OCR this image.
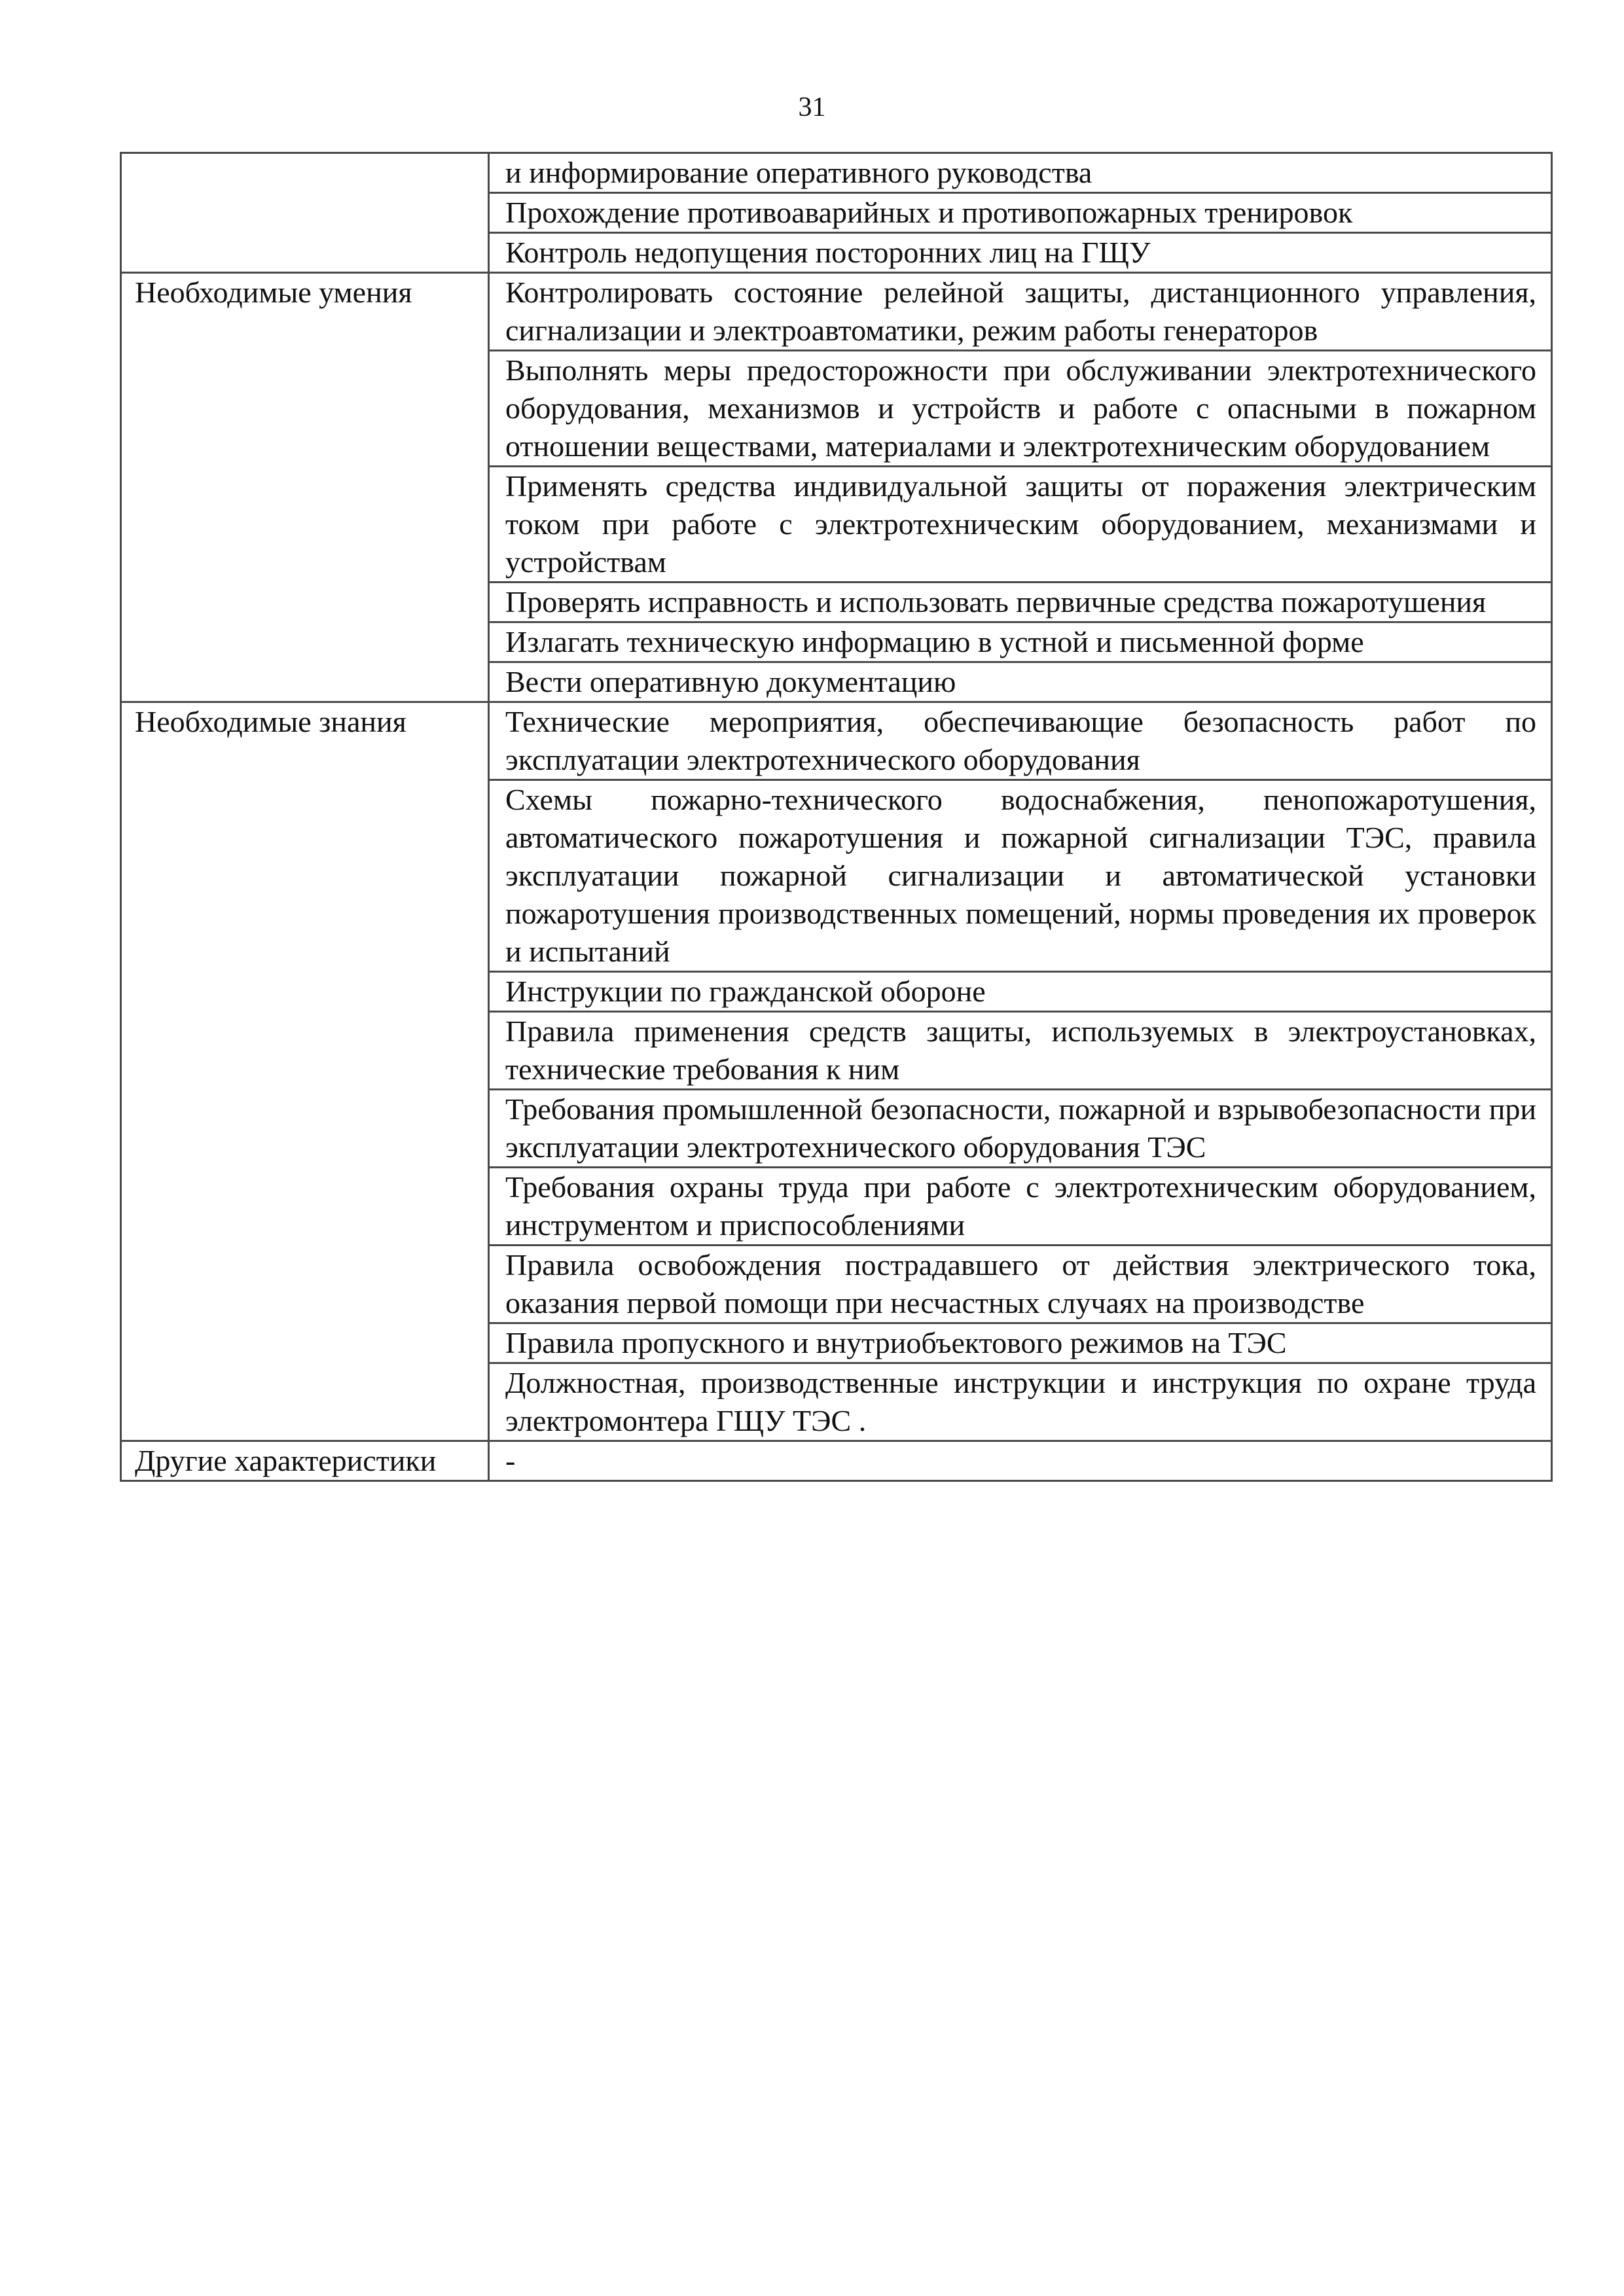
31
	и информирование оперативного руководства
	Прохождение противоаварийных и противопожарных тренировок
	Контроль недопущения посторонних лиц на ГЩУ
Необходимые умения	Контролировать состояние релейной защиты, дистанционного управления, сигнализации и электроавтоматики, режим работы генераторов
	Выполнять меры предосторожности при обслуживании электротехнического оборудования, механизмов и устройств и работе с опасными в пожарном отношении веществами, материалами и электротехническим оборудованием
	Применять средства индивидуальной защиты от поражения электрическим током при работе с электротехническим оборудованием, механизмами и устройствам
	Проверять исправность и использовать первичные средства пожаротушения
	Излагать техническую информацию в устной и письменной форме
	Вести оперативную документацию
Необходимые знания	Технические мероприятия, обеспечивающие безопасность работ по эксплуатации электротехнического оборудования
	Схемы пожарно-технического водоснабжения, пенопожаротушения, автоматического пожаротушения и пожарной сигнализации ТЭС, правила эксплуатации пожарной сигнализации и автоматической установки пожаротушения производственных помещений, нормы проведения их проверок и испытаний
	Инструкции по гражданской обороне
	Правила применения средств защиты, используемых в электроустановках, технические требования к ним
	Требования промышленной безопасности, пожарной и взрывобезопасности при эксплуатации электротехнического оборудования ТЭС
	Требования охраны труда при работе с электротехническим оборудованием, инструментом и приспособлениями
	Правила освобождения пострадавшего от действия электрического тока, оказания первой помощи при несчастных случаях на производстве
	Правила пропускного и внутриобъектового режимов на ТЭС
	Должностная, производственные инструкции и инструкция по охране труда электромонтера ГЩУ ТЭС .
Другие характеристики	-
